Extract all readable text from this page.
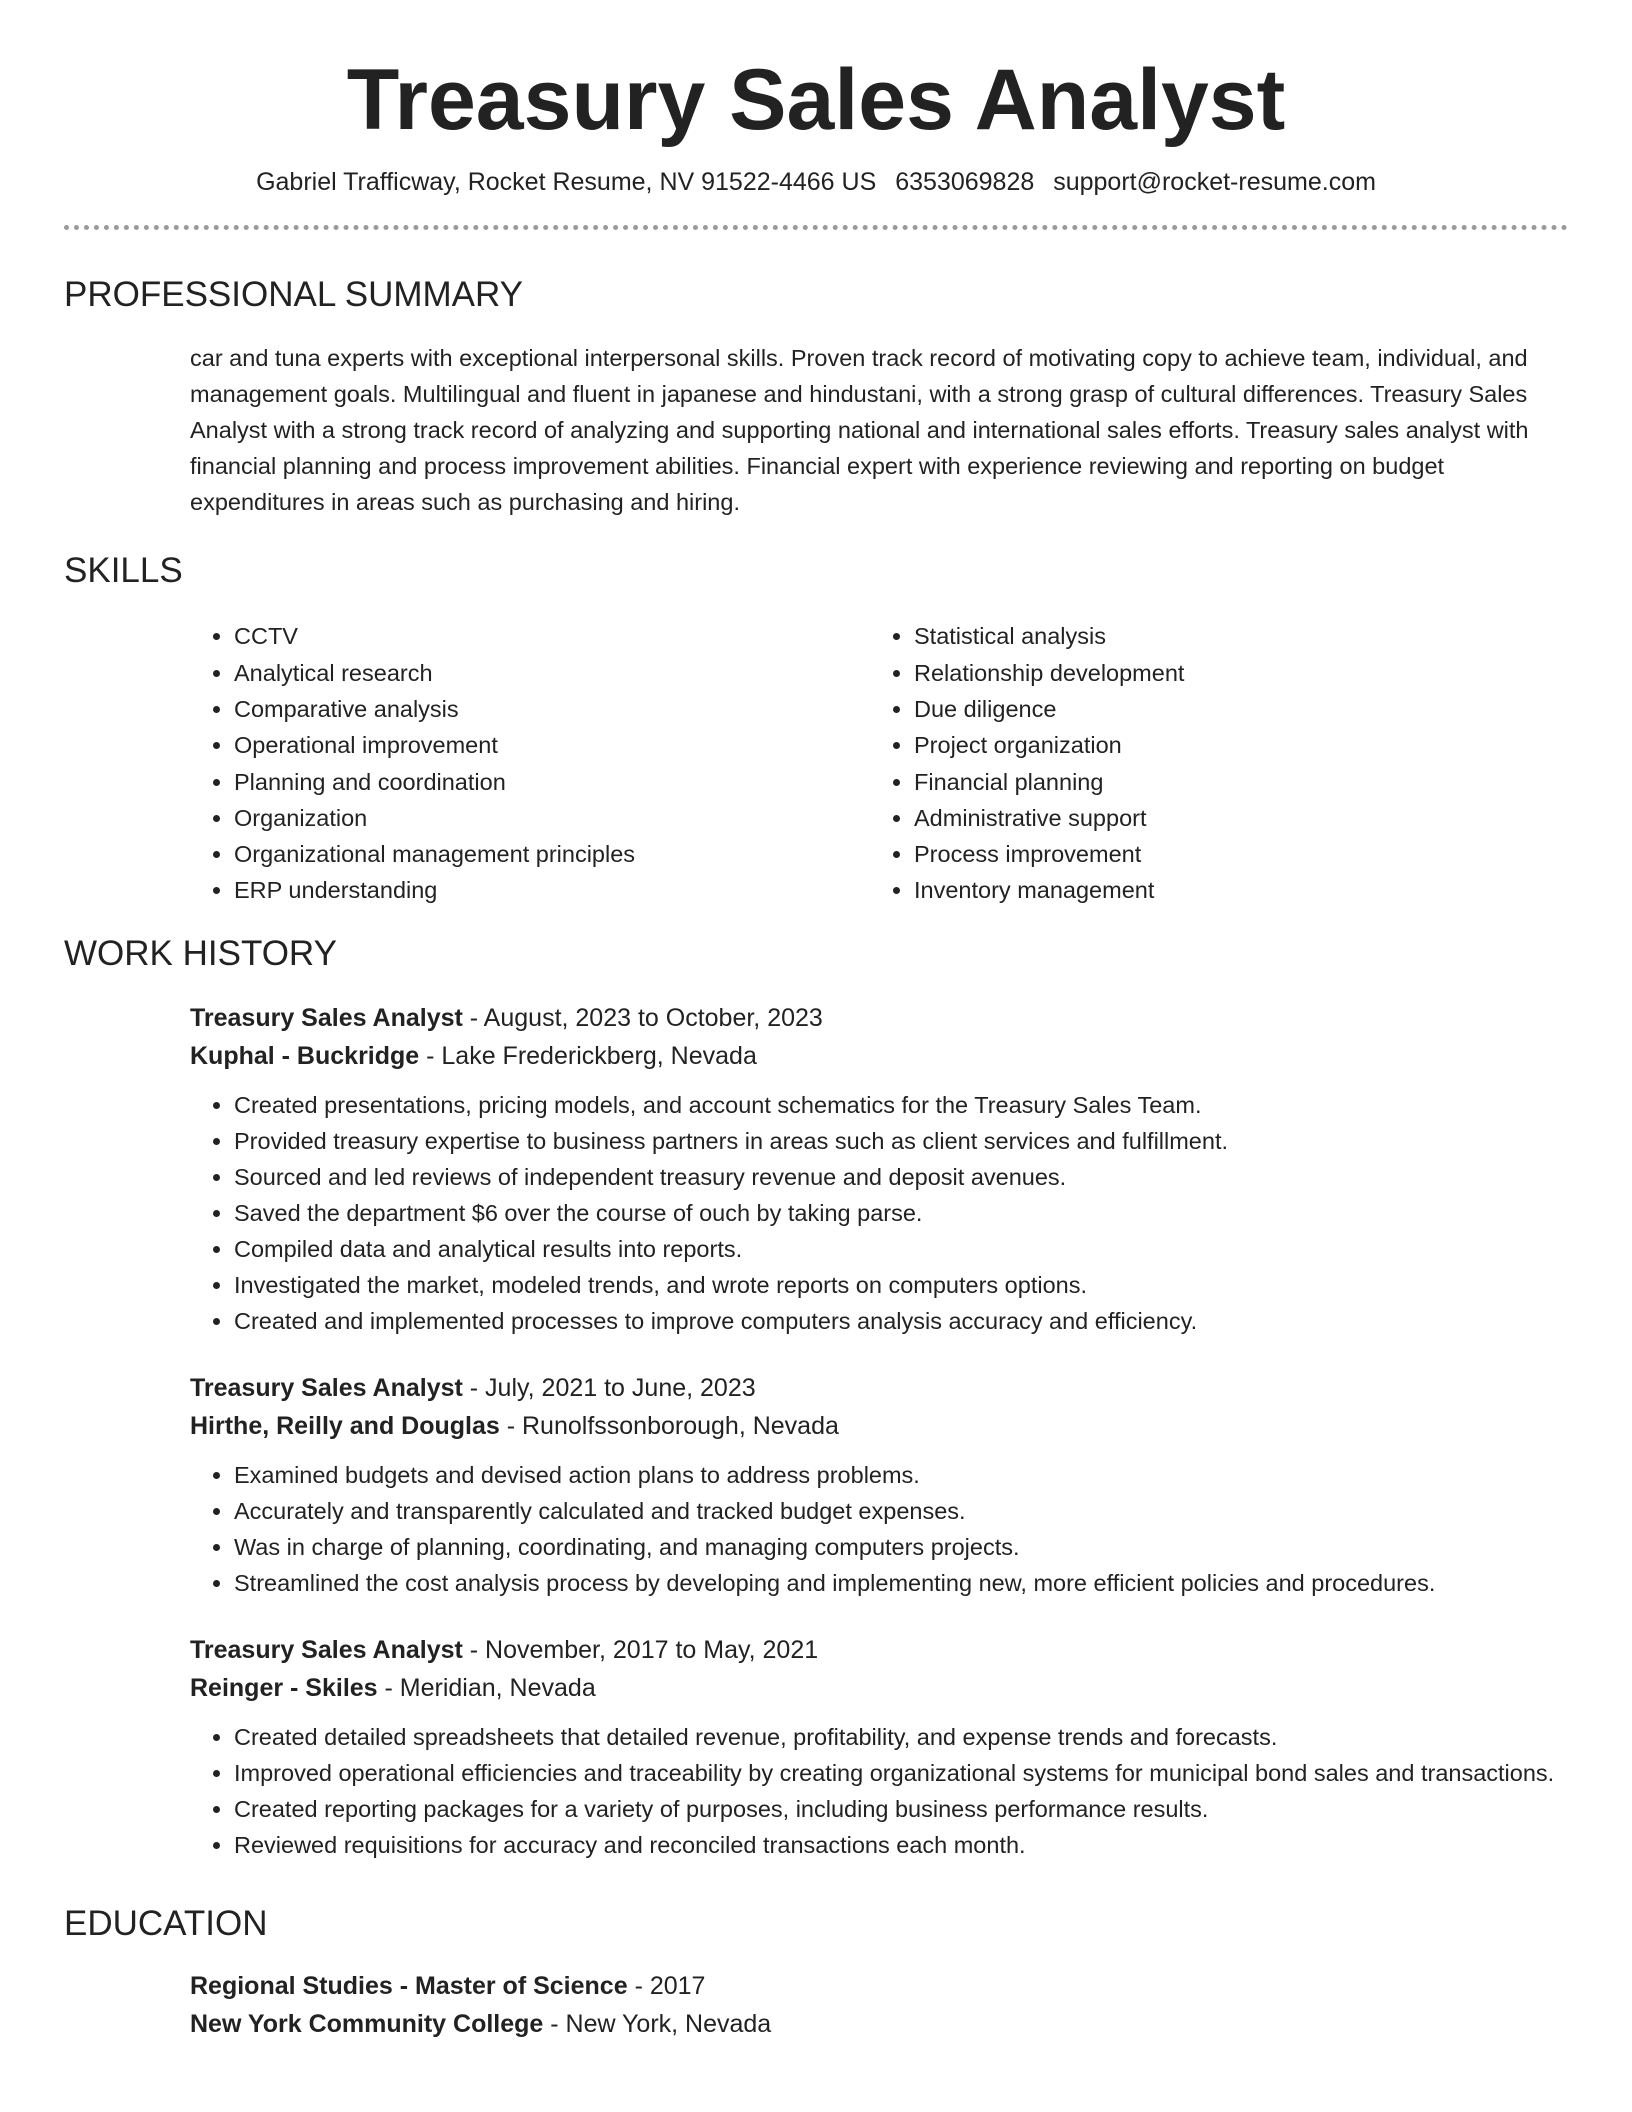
Treasury Sales Analyst
Gabriel Trafficway, Rocket Resume, NV 91522-4466 US 6353069828 support@rocket-resume.com
PROFESSIONAL SUMMARY

car and tuna experts with exceptional interpersonal skills. Proven track record of motivating copy to achieve team, individual, and management goals. Multilingual and fluent in japanese and hindustani, with a strong grasp of cultural differences. Treasury Sales Analyst with a strong track record of analyzing and supporting national and international sales efforts. Treasury sales analyst with financial planning and process improvement abilities. Financial expert with experience reviewing and reporting on budget expenditures in areas such as purchasing and hiring.

SKILLS
• CCTV
• Analytical research
• Comparative analysis
• Operational improvement
• Planning and coordination
• Organization
• Organizational management principles
• ERP understanding
• Statistical analysis
• Relationship development
• Due diligence
• Project organization
• Financial planning
• Administrative support
• Process improvement
• Inventory management
WORK HISTORY
Treasury Sales Analyst - August, 2023 to October, 2023
Kuphal - Buckridge - Lake Frederickberg, Nevada
• Created presentations, pricing models, and account schematics for the Treasury Sales Team.
• Provided treasury expertise to business partners in areas such as client services and fulfillment.
• Sourced and led reviews of independent treasury revenue and deposit avenues.
• Saved the department $6 over the course of ouch by taking parse.
• Compiled data and analytical results into reports.
• Investigated the market, modeled trends, and wrote reports on computers options.
• Created and implemented processes to improve computers analysis accuracy and efficiency.
Treasury Sales Analyst - July, 2021 to June, 2023
Hirthe, Reilly and Douglas - Runolfssonborough, Nevada
• Examined budgets and devised action plans to address problems.
• Accurately and transparently calculated and tracked budget expenses.
• Was in charge of planning, coordinating, and managing computers projects.
• Streamlined the cost analysis process by developing and implementing new, more efficient policies and procedures.
Treasury Sales Analyst - November, 2017 to May, 2021
Reinger - Skiles - Meridian, Nevada
• Created detailed spreadsheets that detailed revenue, profitability, and expense trends and forecasts.
• Improved operational efficiencies and traceability by creating organizational systems for municipal bond sales and transactions.
• Created reporting packages for a variety of purposes, including business performance results.
• Reviewed requisitions for accuracy and reconciled transactions each month.
EDUCATION
Regional Studies - Master of Science - 2017
New York Community College - New York, Nevada
